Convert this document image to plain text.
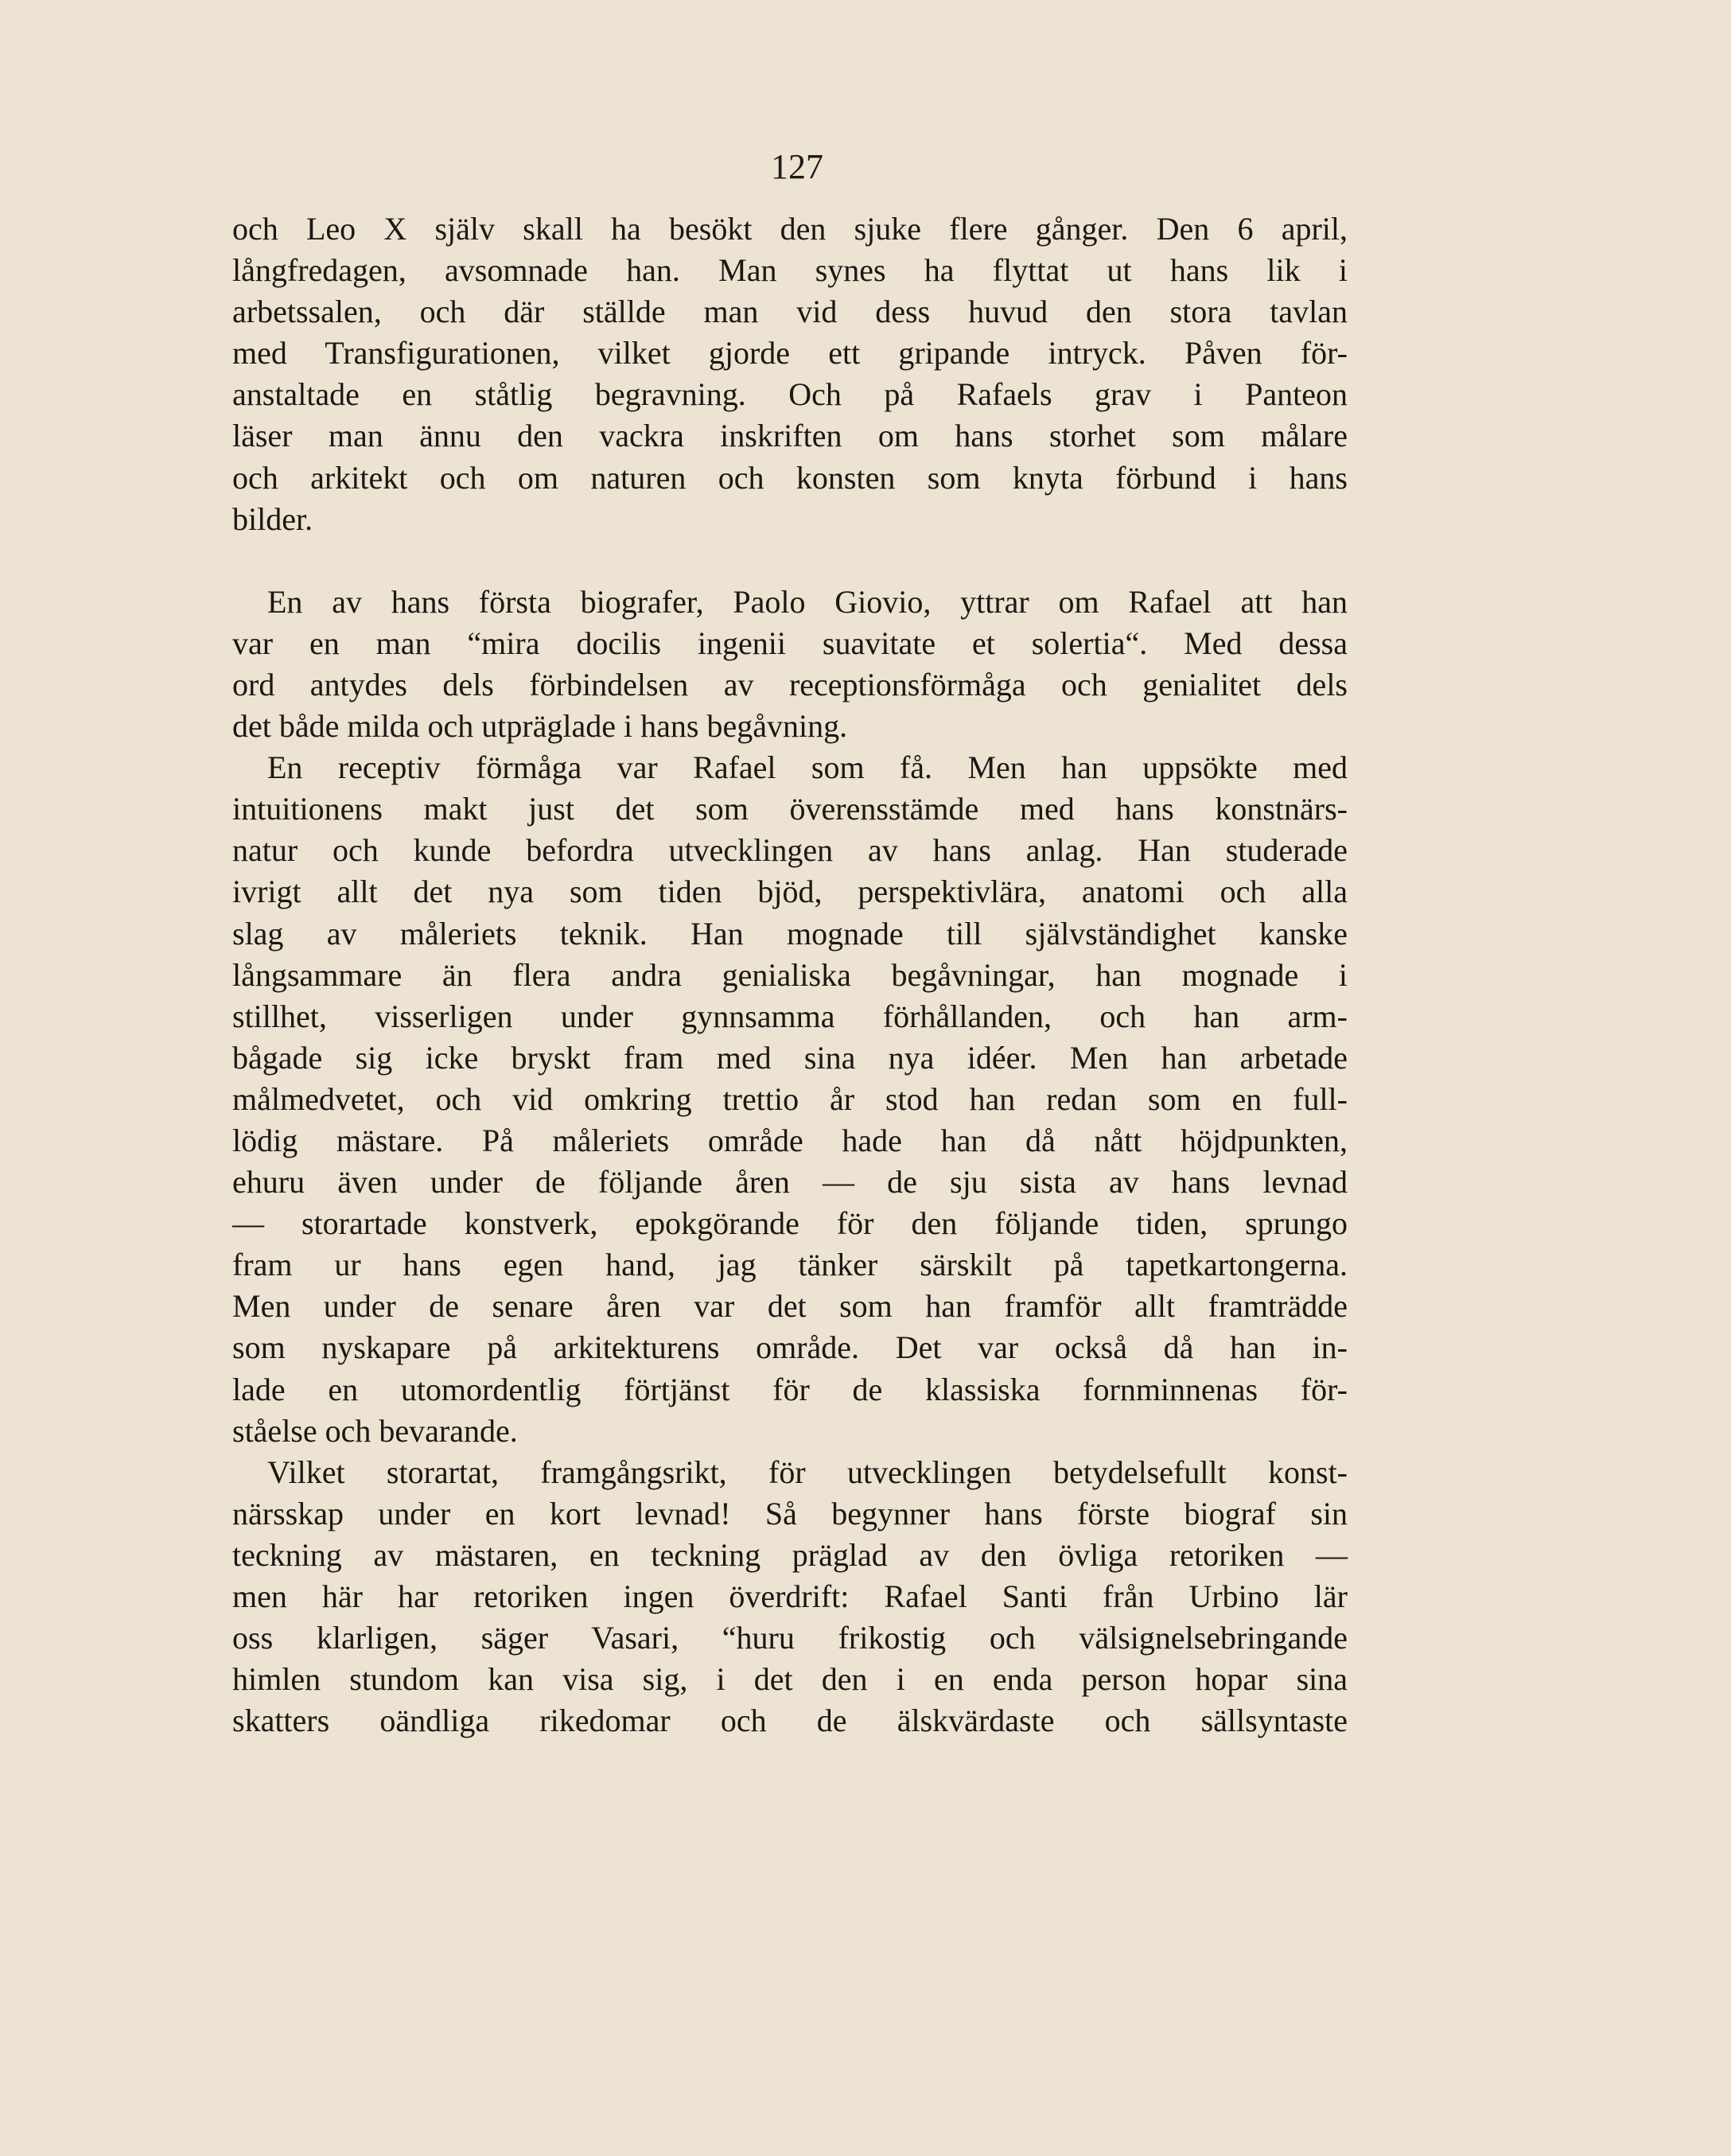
127
och Leo X själv skall ha besökt den sjuke flere gånger. Den 6 april,
långfredagen, avsomnade han. Man synes ha flyttat ut hans lik i
arbetssalen, och där ställde man vid dess huvud den stora tavlan
med Transfigurationen, vilket gjorde ett gripande intryck. Påven för-
anstaltade en ståtlig begravning. Och på Rafaels grav i Panteon
läser man ännu den vackra inskriften om hans storhet som målare
och arkitekt och om naturen och konsten som knyta förbund i hans
bilder.
En av hans första biografer, Paolo Giovio, yttrar om Rafael att han
var en man “mira docilis ingenii suavitate et solertia“. Med dessa
ord antydes dels förbindelsen av receptionsförmåga och genialitet dels
det både milda och utpräglade i hans begåvning.
En receptiv förmåga var Rafael som få. Men han uppsökte med
intuitionens makt just det som överensstämde med hans konstnärs-
natur och kunde befordra utvecklingen av hans anlag. Han studerade
ivrigt allt det nya som tiden bjöd, perspektivlära, anatomi och alla
slag av måleriets teknik. Han mognade till självständighet kanske
långsammare än flera andra genialiska begåvningar, han mognade i
stillhet, visserligen under gynnsamma förhållanden, och han arm-
bågade sig icke bryskt fram med sina nya idéer. Men han arbetade
målmedvetet, och vid omkring trettio år stod han redan som en full-
lödig mästare. På måleriets område hade han då nått höjdpunkten,
ehuru även under de följande åren — de sju sista av hans levnad
— storartade konstverk, epokgörande för den följande tiden, sprungo
fram ur hans egen hand, jag tänker särskilt på tapetkartongerna.
Men under de senare åren var det som han framför allt framträdde
som nyskapare på arkitekturens område. Det var också då han in-
lade en utomordentlig förtjänst för de klassiska fornminnenas för-
ståelse och bevarande.
Vilket storartat, framgångsrikt, för utvecklingen betydelsefullt konst-
närsskap under en kort levnad! Så begynner hans förste biograf sin
teckning av mästaren, en teckning präglad av den övliga retoriken —
men här har retoriken ingen överdrift: Rafael Santi från Urbino lär
oss klarligen, säger Vasari, “huru frikostig och välsignelsebringande
himlen stundom kan visa sig, i det den i en enda person hopar sina
skatters oändliga rikedomar och de älskvärdaste och sällsyntaste
